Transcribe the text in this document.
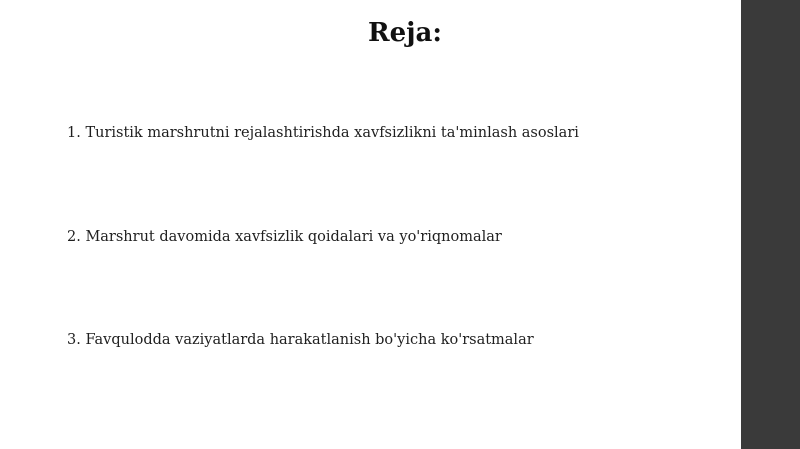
Reja:

1. Turistik marshrutni rejalashtirishda xavfsizlikni ta'minlash asoslari

2. Marshrut davomida xavfsizlik qoidalari va yo'riqnomalar

3. Favqulodda vaziyatlarda harakatlanish bo'yicha ko'rsatmalar
